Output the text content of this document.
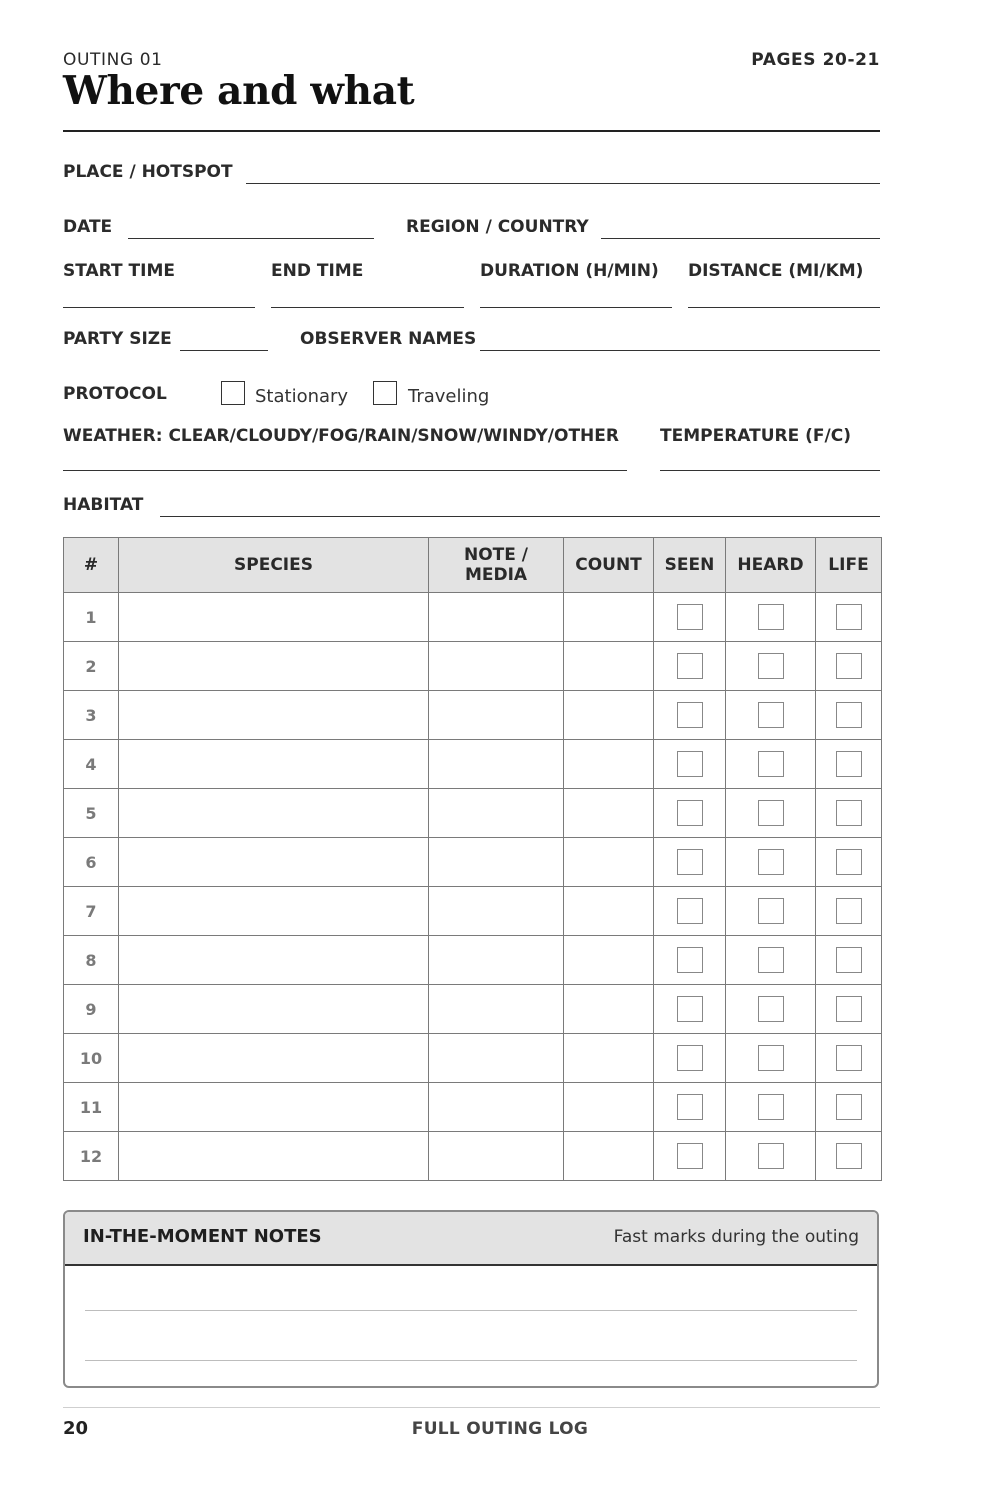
OUTING 01	PAGES 20-21
Where and what
PLACE / HOTSPOT
DATE	REGION / COUNTRY
START TIME	END TIME	DURATION (H/MIN) DISTANCE (MI/KM)
PARTY SIZE	OBSERVER NAMES
PROTOCOL	Stationary	Traveling
WEATHER: CLEAR/CLOUDY/FOG/RAIN/SNOW/WINDY/OTHER TEMPERATURE (F/C)
HABITAT
#	SPECIES	NOTE / MEDIA	COUNT	SEEN	HEARD	LIFE
1						
2						
3						
4						
5						
6						
7						
8						
9						
10						
11						
12						
IN-THE-MOMENT NOTES	Fast marks during the outing
20	FULL OUTING LOG
